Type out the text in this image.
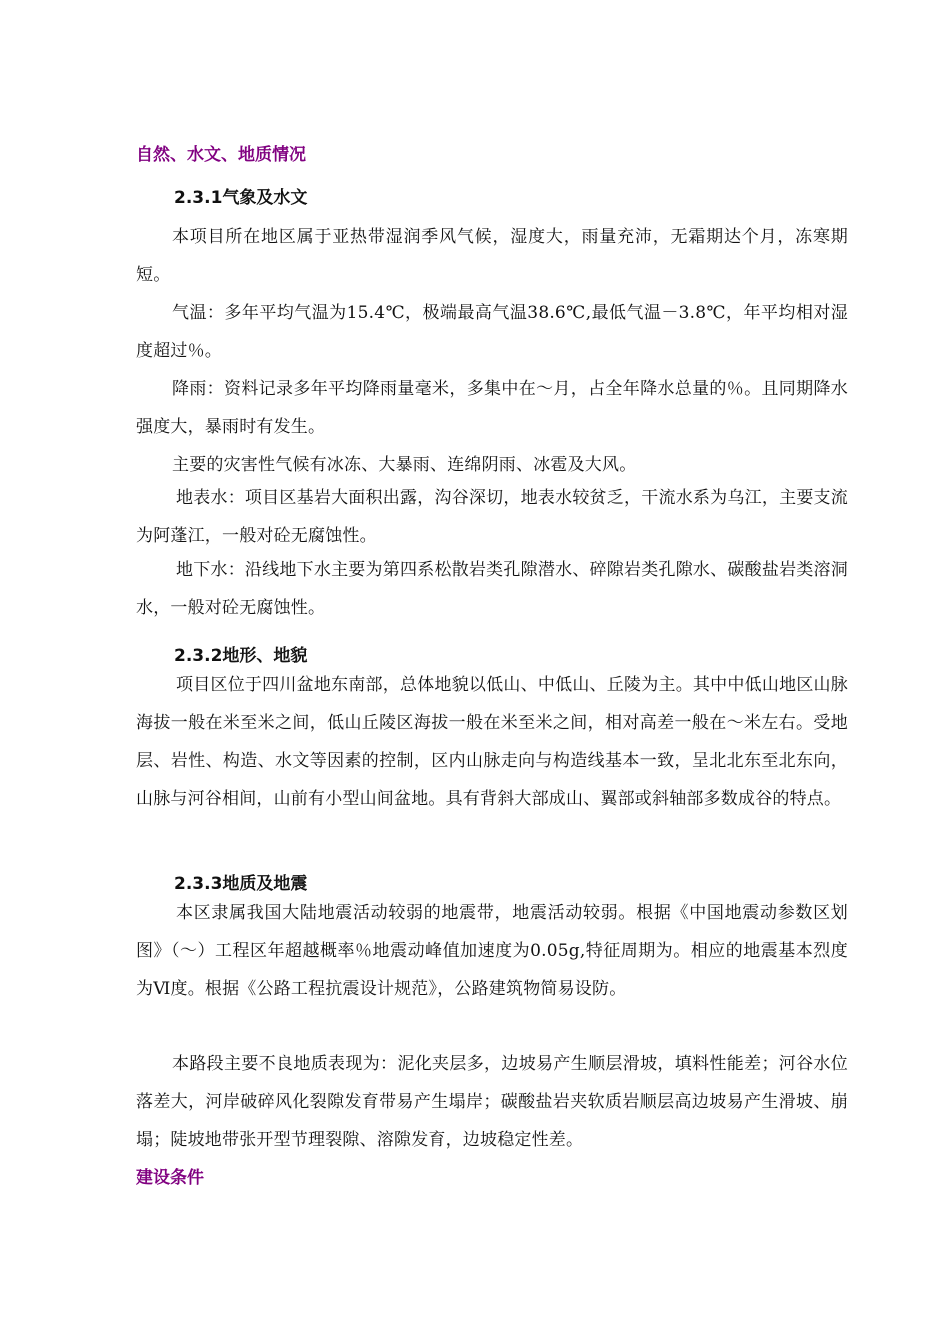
自然、水文、地质情况
2.3.1气象及水文

本项目所在地区属于亚热带湿润季风气候，湿度大，雨量充沛，无霜期达个月，冻寒期短。

气温：多年平均气温为15.4℃，极端最高气温38.6℃,最低气温－3.8℃，年平均相对湿度超过％。

降雨：资料记录多年平均降雨量毫米，多集中在～月，占全年降水总量的％。且同期降水强度大，暴雨时有发生。

主要的灾害性气候有冰冻、大暴雨、连绵阴雨、冰雹及大风。

地表水：项目区基岩大面积出露，沟谷深切，地表水较贫乏，干流水系为乌江，主要支流为阿蓬江，一般对砼无腐蚀性。

地下水：沿线地下水主要为第四系松散岩类孔隙潜水、碎隙岩类孔隙水、碳酸盐岩类溶洞水，一般对砼无腐蚀性。

2.3.2地形、地貌

项目区位于四川盆地东南部，总体地貌以低山、中低山、丘陵为主。其中中低山地区山脉海拔一般在米至米之间，低山丘陵区海拔一般在米至米之间，相对高差一般在～米左右。受地层、岩性、构造、水文等因素的控制，区内山脉走向与构造线基本一致，呈北北东至北东向，山脉与河谷相间，山前有小型山间盆地。具有背斜大部成山、翼部或斜轴部多数成谷的特点。

2.3.3地质及地震

本区隶属我国大陆地震活动较弱的地震带，地震活动较弱。根据《中国地震动参数区划图》（～）工程区年超越概率％地震动峰值加速度为0.05g,特征周期为。相应的地震基本烈度为Ⅵ度。根据《公路工程抗震设计规范》，公路建筑物简易设防。

本路段主要不良地质表现为：泥化夹层多，边坡易产生顺层滑坡，填料性能差；河谷水位落差大，河岸破碎风化裂隙发育带易产生塌岸；碳酸盐岩夹软质岩顺层高边坡易产生滑坡、崩塌；陡坡地带张开型节理裂隙、溶隙发育，边坡稳定性差。

建设条件
